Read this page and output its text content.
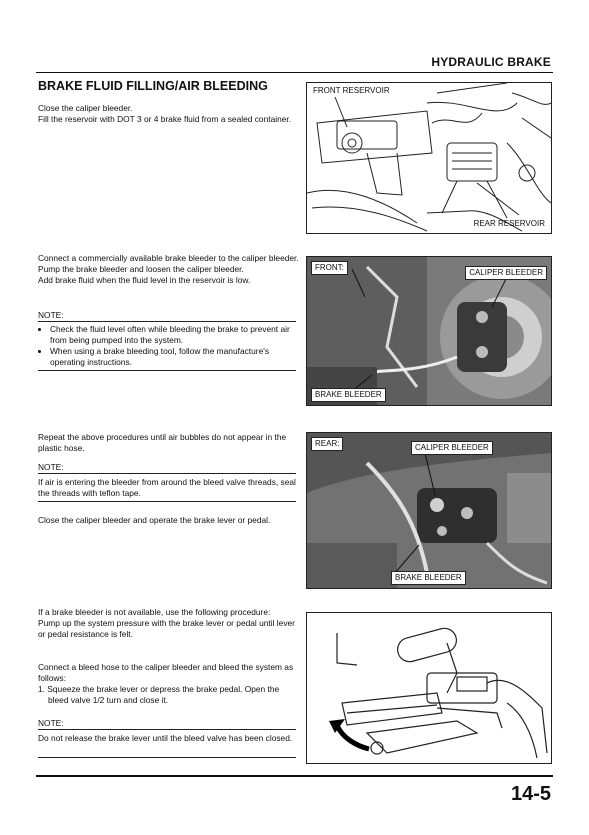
HYDRAULIC BRAKE
BRAKE FLUID FILLING/AIR BLEEDING

Close the caliper bleeder.

Fill the reservoir with DOT 3 or 4 brake fluid from a sealed container.

FRONT RESERVOIR
REAR RESERVOIR

Connect a commercially available brake bleeder to the caliper bleeder.

Pump the brake bleeder and loosen the caliper bleeder.

Add brake fluid when the fluid level in the reservoir is low.

NOTE:
• Check the fluid level often while bleeding the brake to prevent air from being pumped into the system.
• When using a brake bleeding tool, follow the manufacture's operating instructions.
FRONT:
CALIPER BLEEDER
BRAKE BLEEDER

Repeat the above procedures until air bubbles do not appear in the plastic hose.

NOTE:

If air is entering the bleeder from around the bleed valve threads, seal the threads with teflon tape.

Close the caliper bleeder and operate the brake lever or pedal.

REAR:	CALIPER BLEEDER
BRAKE BLEEDER

If a brake bleeder is not available, use the following procedure:

Pump up the system pressure with the brake lever or pedal until lever or pedal resistance is felt.

Connect a bleed hose to the caliper bleeder and bleed the system as follows:

1. Squeeze the brake lever or depress the brake pedal. Open the bleed valve 1/2 turn and close it.

NOTE:

Do not release the brake lever until the bleed valve has been closed.

14-5
